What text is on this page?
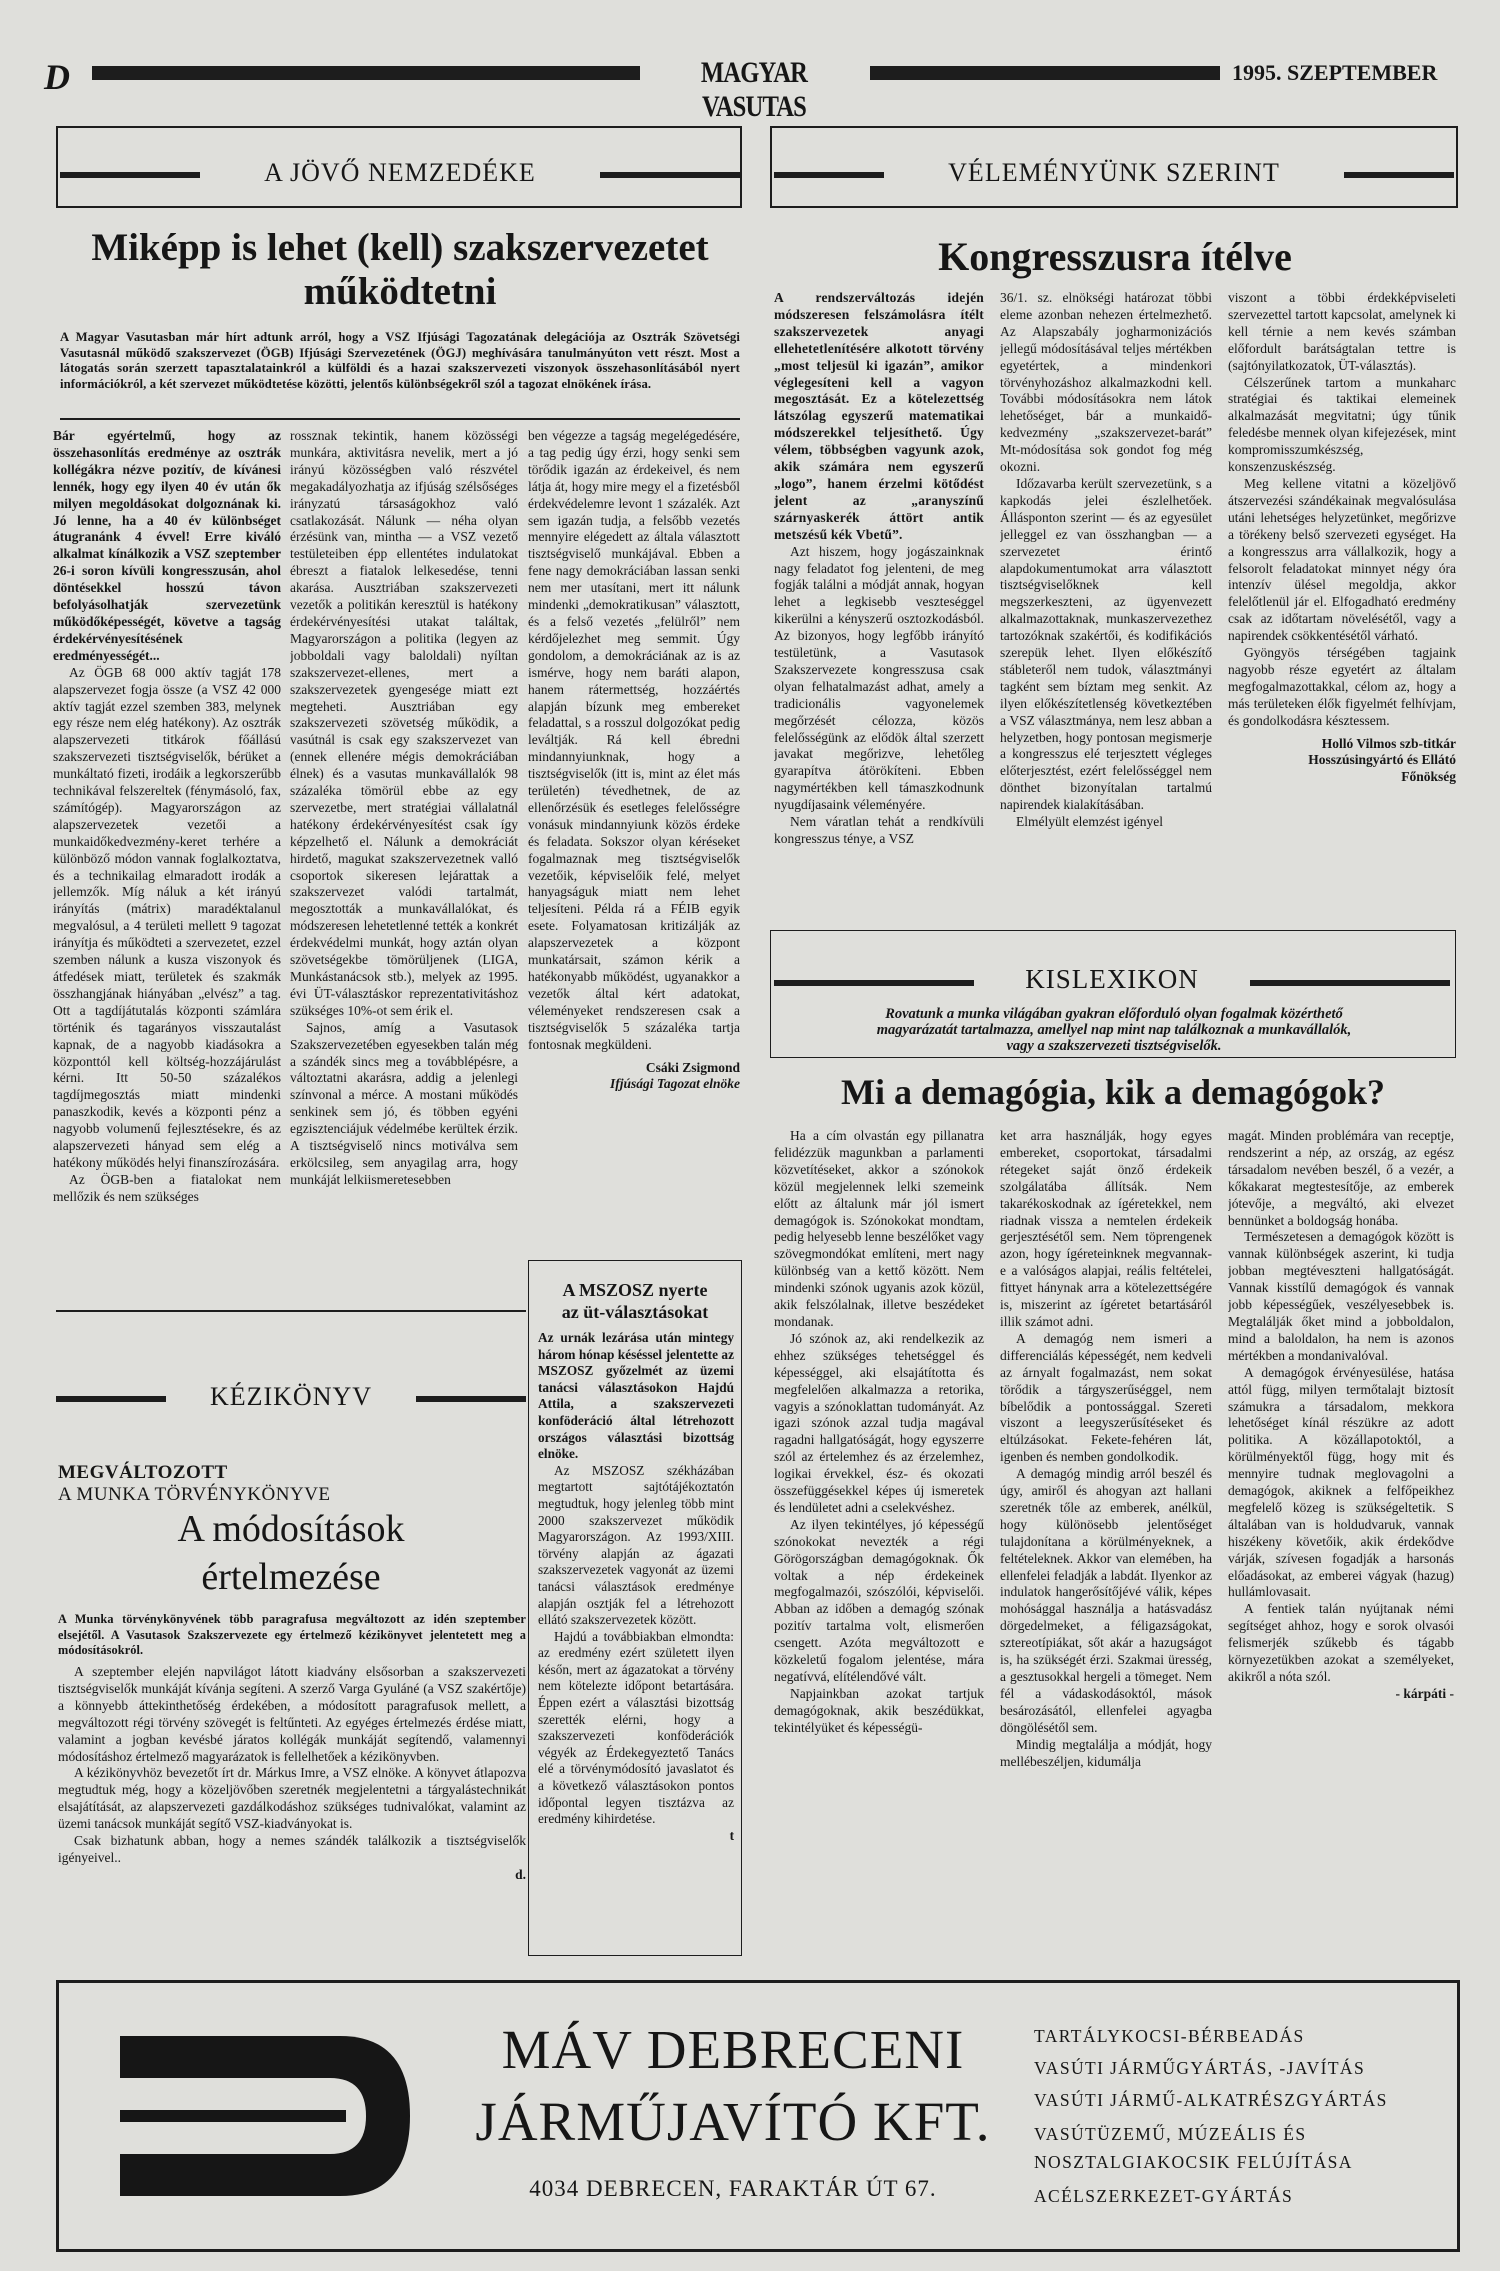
D	MAGYAR VASUTAS
1995. SZEPTEMBER
A JÖVŐ NEMZEDÉKE
Miképp is lehet (kell) szakszervezetet
működtetni
A Magyar Vasutasban már hírt adtunk arról, hogy a VSZ Ifjúsági Tagozatának delegációja az Osztrák Szövetségi Vasutasnál működő szakszervezet (ÖGB) Ifjúsági Szervezetének (ÖGJ) meghívására tanulmányúton vett részt. Most a látogatás során szerzett tapasztalatainkról a külföldi és a hazai szakszervezeti viszonyok összehasonlításából nyert információkról, a két szervezet működtetése közötti, jelentős különbségekről szól a tagozat elnökének írása.

Bár egyértelmű, hogy az összehasonlítás eredménye az osztrák kollégákra nézve pozitív, de kívánesi lennék, hogy egy ilyen 40 év után ők milyen megoldásokat dolgoznának ki. Jó lenne, ha a 40 év különbséget átugranánk 4 évvel! Erre kiváló alkalmat kínálkozik a VSZ szeptember 26-i soron kívüli kongresszusán, ahol döntésekkel hosszú távon befolyásolhatják szervezetünk működőképességét, követve a tagság érdekérvényesítésének eredményességét...

Az ÖGB 68 000 aktív tagját 178 alapszervezet fogja össze (a VSZ 42 000 aktív tagját ezzel szemben 383, melynek egy része nem elég hatékony). Az osztrák alapszervezeti titkárok főállású szakszervezeti tisztségviselők, bérüket a munkáltató fizeti, irodáik a legkorszerűbb technikával felszereltek (fénymásoló, fax, számítógép). Magyarországon az alapszervezetek vezetői a munkaidőkedvezmény-keret terhére a különböző módon vannak foglalkoztatva, és a technikailag elmaradott irodák a jellemzők. Míg náluk a két irányú irányítás (mátrix) maradéktalanul megvalósul, a 4 területi mellett 9 tagozat irányítja és működteti a szervezetet, ezzel szemben nálunk a kusza viszonyok és átfedések miatt, területek és szakmák összhangjának hiányában „elvész” a tag. Ott a tagdíjátutalás központi számlára történik és tagarányos visszautalást kapnak, de a nagyobb kiadásokra a központtól kell költség-hozzájárulást kérni. Itt 50-50 százalékos tagdíjmegosztás miatt mindenki panaszkodik, kevés a központi pénz a nagyobb volumenű fejlesztésekre, és az alapszervezeti hányad sem elég a hatékony működés helyi finanszírozására.

Az ÖGB-ben a fiatalokat nem mellőzik és nem szükséges

rossznak tekintik, hanem közösségi munkára, aktivitásra nevelik, mert a jó irányú közösségben való részvétel megakadályozhatja az ifjúság szélsőséges irányzatú társaságokhoz való csatlakozását. Nálunk — néha olyan érzésünk van, mintha — a VSZ vezető testületeiben épp ellentétes indulatokat ébreszt a fiatalok lelkesedése, tenni akarása. Ausztriában szakszervezeti vezetők a politikán keresztül is hatékony érdekérvényesítési utakat találtak, Magyarországon a politika (legyen az jobboldali vagy baloldali) nyíltan szakszervezet-ellenes, mert a szakszervezetek gyengesége miatt ezt megteheti. Ausztriában egy szakszervezeti szövetség működik, a vasútnál is csak egy szakszervezet van (ennek ellenére mégis demokráciában élnek) és a vasutas munkavállalók 98 százaléka tömörül ebbe az egy szervezetbe, mert stratégiai vállalatnál hatékony érdekérvényesítést csak így képzelhető el. Nálunk a demokráciát hirdető, magukat szakszervezetnek valló csoportok sikeresen lejárattak a szakszervezet valódi tartalmát, megosztották a munkavállalókat, és módszeresen lehetetlenné tették a konkrét érdekvédelmi munkát, hogy aztán olyan szövetségekbe tömörüljenek (LIGA, Munkástanácsok stb.), melyek az 1995. évi ÜT-választáskor reprezentativitáshoz szükséges 10%-ot sem érik el.

Sajnos, amíg a Vasutasok Szakszervezetében egyesekben talán még a szándék sincs meg a továbblépésre, a változtatni akarásra, addig a jelenlegi színvonal a mérce. A mostani működés senkinek sem jó, és többen egyéni egzisztenciájuk védelmébe kerültek érzik. A tisztségviselő nincs motiválva sem erkölcsileg, sem anyagilag arra, hogy munkáját lelkiismeretesebben

ben végezze a tagság megelégedésére, a tag pedig úgy érzi, hogy senki sem törődik igazán az érdekeivel, és nem látja át, hogy mire megy el a fizetésből érdekvédelemre levont 1 százalék. Azt sem igazán tudja, a felsőbb vezetés mennyire elégedett az általa választott tisztségviselő munkájával. Ebben a fene nagy demokráciában lassan senki nem mer utasítani, mert itt nálunk mindenki „demokratikusan” választott, és a felső vezetés „felülről” nem kérdőjelezhet meg semmit. Úgy gondolom, a demokráciának az is az ismérve, hogy nem baráti alapon, hanem rátermettség, hozzáértés alapján bízunk meg embereket feladattal, s a rosszul dolgozókat pedig leváltják. Rá kell ébredni mindannyiunknak, hogy a tisztségviselők (itt is, mint az élet más területén) tévedhetnek, de az ellenőrzésük és esetleges felelősségre vonásuk mindannyiunk közös érdeke és feladata. Sokszor olyan kéréseket fogalmaznak meg tisztségviselők vezetőik, képviselőik felé, melyet hanyagságuk miatt nem lehet teljesíteni. Példa rá a FÉIB egyik esete. Folyamatosan kritizálják az alapszervezetek a központ munkatársait, számon kérik a hatékonyabb működést, ugyanakkor a vezetők által kért adatokat, véleményeket rendszeresen csak a tisztségviselők 5 százaléka tartja fontosnak megküldeni.

Csáki Zsigmond

Ifjúsági Tagozat elnöke

VÉLEMÉNYÜNK SZERINT
Kongresszusra ítélve

A rendszerváltozás idején módszeresen felszámolásra ítélt szakszervezetek anyagi ellehetetlenítésére alkotott törvény „most teljesül ki igazán”, amikor véglegesíteni kell a vagyon megosztását. Ez a kötelezettség látszólag egyszerű matematikai módszerekkel teljesíthető. Úgy vélem, többségben vagyunk azok, akik számára nem egyszerű „logo”, hanem érzelmi kötődést jelent az „aranyszínű szárnyaskerék áttört antik metszésű kék Vbetű”.

Azt hiszem, hogy jogászainknak nagy feladatot fog jelenteni, de meg fogják találni a módját annak, hogyan lehet a legkisebb veszteséggel kikerülni a kényszerű osztozkodásból. Az bizonyos, hogy legfőbb irányító testületünk, a Vasutasok Szakszervezete kongresszusa csak olyan felhatalmazást adhat, amely a tradicionális vagyonelemek megőrzését célozza, közös felelősségünk az elődök által szerzett javakat megőrizve, lehetőleg gyarapítva átörökíteni. Ebben nagymértékben kell támaszkodnunk nyugdíjasaink véleményére.

Nem váratlan tehát a rendkívüli kongresszus ténye, a VSZ

36/1. sz. elnökségi határozat többi eleme azonban nehezen értelmezhető. Az Alapszabály jogharmonizációs jellegű módosításával teljes mértékben egyetértek, a mindenkori törvényhozáshoz alkalmazkodni kell. További módosításokra nem látok lehetőséget, bár a munkaidő-kedvezmény „szakszervezet-barát” Mt-módosítása sok gondot fog még okozni.

Időzavarba került szervezetünk, s a kapkodás jelei észlelhetőek. Állásponton szerint — és az egyesület jelleggel ez van összhangban — a szervezetet érintő alapdokumentumokat arra választott tisztségviselőknek kell megszerkeszteni, az ügyenvezett alkalmazottaknak, munkaszervezethez tartozóknak szakértői, és kodifikációs szerepük lehet. Ilyen előkészítő stábleteről nem tudok, választmányi tagként sem bíztam meg senkit. Az ilyen előkészítetlenség következtében a VSZ választmánya, nem lesz abban a helyzetben, hogy pontosan megismerje a kongresszus elé terjesztett végleges előterjesztést, ezért felelősséggel nem dönthet bizonyítalan tartalmú napirendek kialakításában.

Elmélyült elemzést igényel

viszont a többi érdekképviseleti szervezettel tartott kapcsolat, amelynek ki kell térnie a nem kevés számban előfordult barátságtalan tettre is (sajtónyilatkozatok, ÜT-választás).

Célszerűnek tartom a munkaharc stratégiai és taktikai elemeinek alkalmazását megvitatni; úgy tűnik feledésbe mennek olyan kifejezések, mint kompromisszumkészség, konszenzuskészség.

Meg kellene vitatni a közeljövő átszervezési szándékainak megvalósulása utáni lehetséges helyzetünket, megőrizve a törékeny belső szervezeti egységet. Ha a kongresszus arra vállalkozik, hogy a felsorolt feladatokat minnyet négy óra intenzív ülésel megoldja, akkor felelőtlenül jár el. Elfogadható eredmény csak az időtartam növelésétől, vagy a napirendek csökkentésétől várható.

Gyöngyös térségében tagjaink nagyobb része egyetért az általam megfogalmazottakkal, célom az, hogy a más területeken élők figyelmét felhívjam, és gondolkodásra késztessem.

Holló Vilmos szb-titkár

Hosszúsingyártó és Ellátó

Főnökség

KÉZIKÖNYV
MEGVÁLTOZOTT
A MUNKA TÖRVÉNYKÖNYVE
A módosítások
értelmezése
A Munka törvénykönyvének több paragrafusa megváltozott az idén szeptember elsejétől. A Vasutasok Szakszervezete egy értelmező kézikönyvet jelentetett meg a módosításokról.

A szeptember elején napvilágot látott kiadvány elsősorban a szakszervezeti tisztségviselők munkáját kívánja segíteni. A szerző Varga Gyuláné (a VSZ szakértője) a könnyebb áttekinthetőség érdekében, a módosított paragrafusok mellett, a megváltozott régi törvény szövegét is feltűnteti. Az egyéges értelmezés érdése miatt, valamint a jogban kevésbé járatos kollégák munkáját segítendő, valamennyi módosításhoz értelmező magyarázatok is fellelhetőek a kézikönyvben.

A kézikönyvhöz bevezetőt írt dr. Márkus Imre, a VSZ elnöke. A könyvet átlapozva megtudtuk még, hogy a közeljövőben szeretnék megjelentetni a tárgyalástechnikát elsajátítását, az alapszervezeti gazdálkodáshoz szükséges tudnivalókat, valamint az üzemi tanácsok munkáját segítő VSZ-kiadványokat is.

Csak bizhatunk abban, hogy a nemes szándék találkozik a tisztségviselők igényeivel..

d.

A MSZOSZ nyerte
az üt-választásokat

Az urnák lezárása után mintegy három hónap késéssel jelentette az MSZOSZ győzelmét az üzemi tanácsi választásokon Hajdú Attila, a szakszervezeti konföderáció által létrehozott országos választási bizottság elnöke.

Az MSZOSZ székházában megtartott sajtótájékoztatón megtudtuk, hogy jelenleg több mint 2000 szakszervezet működik Magyarországon. Az 1993/XIII. törvény alapján az ágazati szakszervezetek vagyonát az üzemi tanácsi választások eredménye alapján osztják fel a létrehozott ellátó szakszervezetek között.

Hajdú a továbbiakban elmondta: az eredmény ezért született ilyen későn, mert az ágazatokat a törvény nem kötelezte időpont betartására. Éppen ezért a választási bizottság szerették elérni, hogy a szakszervezeti konföderációk végyék az Érdekegyeztető Tanács elé a törvénymódosító javaslatot és a következő választásokon pontos időpontal legyen tisztázva az eredmény kihirdetése.

t

KISLEXIKON
Rovatunk a munka világában gyakran előforduló olyan fogalmak közérthető
magyarázatát tartalmazza, amellyel nap mint nap találkoznak a munkavállalók,
vagy a szakszervezeti tisztségviselők.
Mi a demagógia, kik a demagógok?

Ha a cím olvastán egy pillanatra felidézzük magunkban a parlamenti közvetítéseket, akkor a szónokok közül megjelennek lelki szemeink előtt az általunk már jól ismert demagógok is. Szónokokat mondtam, pedig helyesebb lenne beszélőket vagy szövegmondókat említeni, mert nagy különbség van a kettő között. Nem mindenki szónok ugyanis azok közül, akik felszólalnak, illetve beszédeket mondanak.

Jó szónok az, aki rendelkezik az ehhez szükséges tehetséggel és képességgel, aki elsajátította és megfelelően alkalmazza a retorika, vagyis a szónoklattan tudományát. Az igazi szónok azzal tudja magával ragadni hallgatóságát, hogy egyszerre szól az értelemhez és az érzelemhez, logikai érvekkel, ész- és okozati összefüggésekkel képes új ismeretek és lendületet adni a cselekvéshez.

Az ilyen tekintélyes, jó képességű szónokokat nevezték a régi Görögországban demagógoknak. Ők voltak a nép érdekeinek megfogalmazói, szószólói, képviselői. Abban az időben a demagóg szónak pozitív tartalma volt, elismerően csengett. Azóta megváltozott e közkeletű fogalom jelentése, mára negatívvá, elítélendővé vált.

Napjainkban azokat tartjuk demagógoknak, akik beszédükkat, tekintélyüket és képességü-

ket arra használják, hogy egyes embereket, csoportokat, társadalmi rétegeket saját önző érdekeik szolgálatába állítsák. Nem takarékoskodnak az ígéretekkel, nem riadnak vissza a nemtelen érdekeik gerjesztésétől sem. Nem töprengenek azon, hogy ígéreteinknek megvannak-e a valóságos alapjai, reális feltételei, fittyet hánynak arra a kötelezettségére is, miszerint az ígéretet betartásáról illik számot adni.

A demagóg nem ismeri a differenciálás képességét, nem kedveli az árnyalt fogalmazást, nem sokat törődik a tárgyszerűséggel, nem bíbelődik a pontossággal. Szereti viszont a leegyszerűsítéseket és eltúlzásokat. Fekete-fehéren lát, igenben és nemben gondolkodik.

A demagóg mindig arról beszél és úgy, amiről és ahogyan azt hallani szeretnék tőle az emberek, anélkül, hogy különösebb jelentőséget tulajdonítana a körülményeknek, a feltételeknek. Akkor van elemében, ha ellenfelei feladják a labdát. Ilyenkor az indulatok hangerősítőjévé válik, képes mohósággal használja a hatásvadász dörgedelmeket, a féligazságokat, sztereotípiákat, sőt akár a hazugságot is, ha szükségét érzi. Szakmai üresség, a gesztusokkal hergeli a tömeget. Nem fél a vádaskodásoktól, mások besározásától, ellenfelei agyagba döngölésétől sem.

Mindig megtalálja a módját, hogy mellébeszéljen, kidumálja

magát. Minden problémára van receptje, rendszerint a nép, az ország, az egész társadalom nevében beszél, ő a vezér, a kőkakarat megtestesítője, az emberek jótevője, a megváltó, aki elvezet bennünket a boldogság honába.

Természetesen a demagógok között is vannak különbségek aszerint, ki tudja jobban megtéveszteni hallgatóságát. Vannak kisstílű demagógok és vannak jobb képességűek, veszélyesebbek is. Megtalálják őket mind a jobboldalon, mind a baloldalon, ha nem is azonos mértékben a mondanivalóval.

A demagógok érvényesülése, hatása attól függ, milyen termőtalajt biztosít számukra a társadalom, mekkora lehetőséget kínál részükre az adott politika. A közállapotoktól, a körülményektől függ, hogy mit és mennyire tudnak meglovagolni a demagógok, akiknek a felfőpeikhez megfelelő közeg is szükségeltetik. S általában van is holdudvaruk, vannak hiszékeny követőik, akik érdekődve várják, szívesen fogadják a harsonás előadásokat, az emberei vágyak (hazug) hullámlovasait.

A fentiek talán nyújtanak némi segítséget ahhoz, hogy e sorok olvasói felismerjék szűkebb és tágabb környezetükben azokat a személyeket, akikről a nóta szól.

- kárpáti -

MÁV DEBRECENI
JÁRMŰJAVÍTÓ KFT.
4034 DEBRECEN, FARAKTÁR ÚT 67.
TARTÁLYKOCSI-BÉRBEADÁS
VASÚTI JÁRMŰGYÁRTÁS, -JAVÍTÁS
VASÚTI JÁRMŰ-ALKATRÉSZGYÁRTÁS
VASÚTÜZEMŰ, MÚZEÁLIS ÉS
NOSZTALGIAKOCSIK FELÚJÍTÁSA
ACÉLSZERKEZET-GYÁRTÁS
